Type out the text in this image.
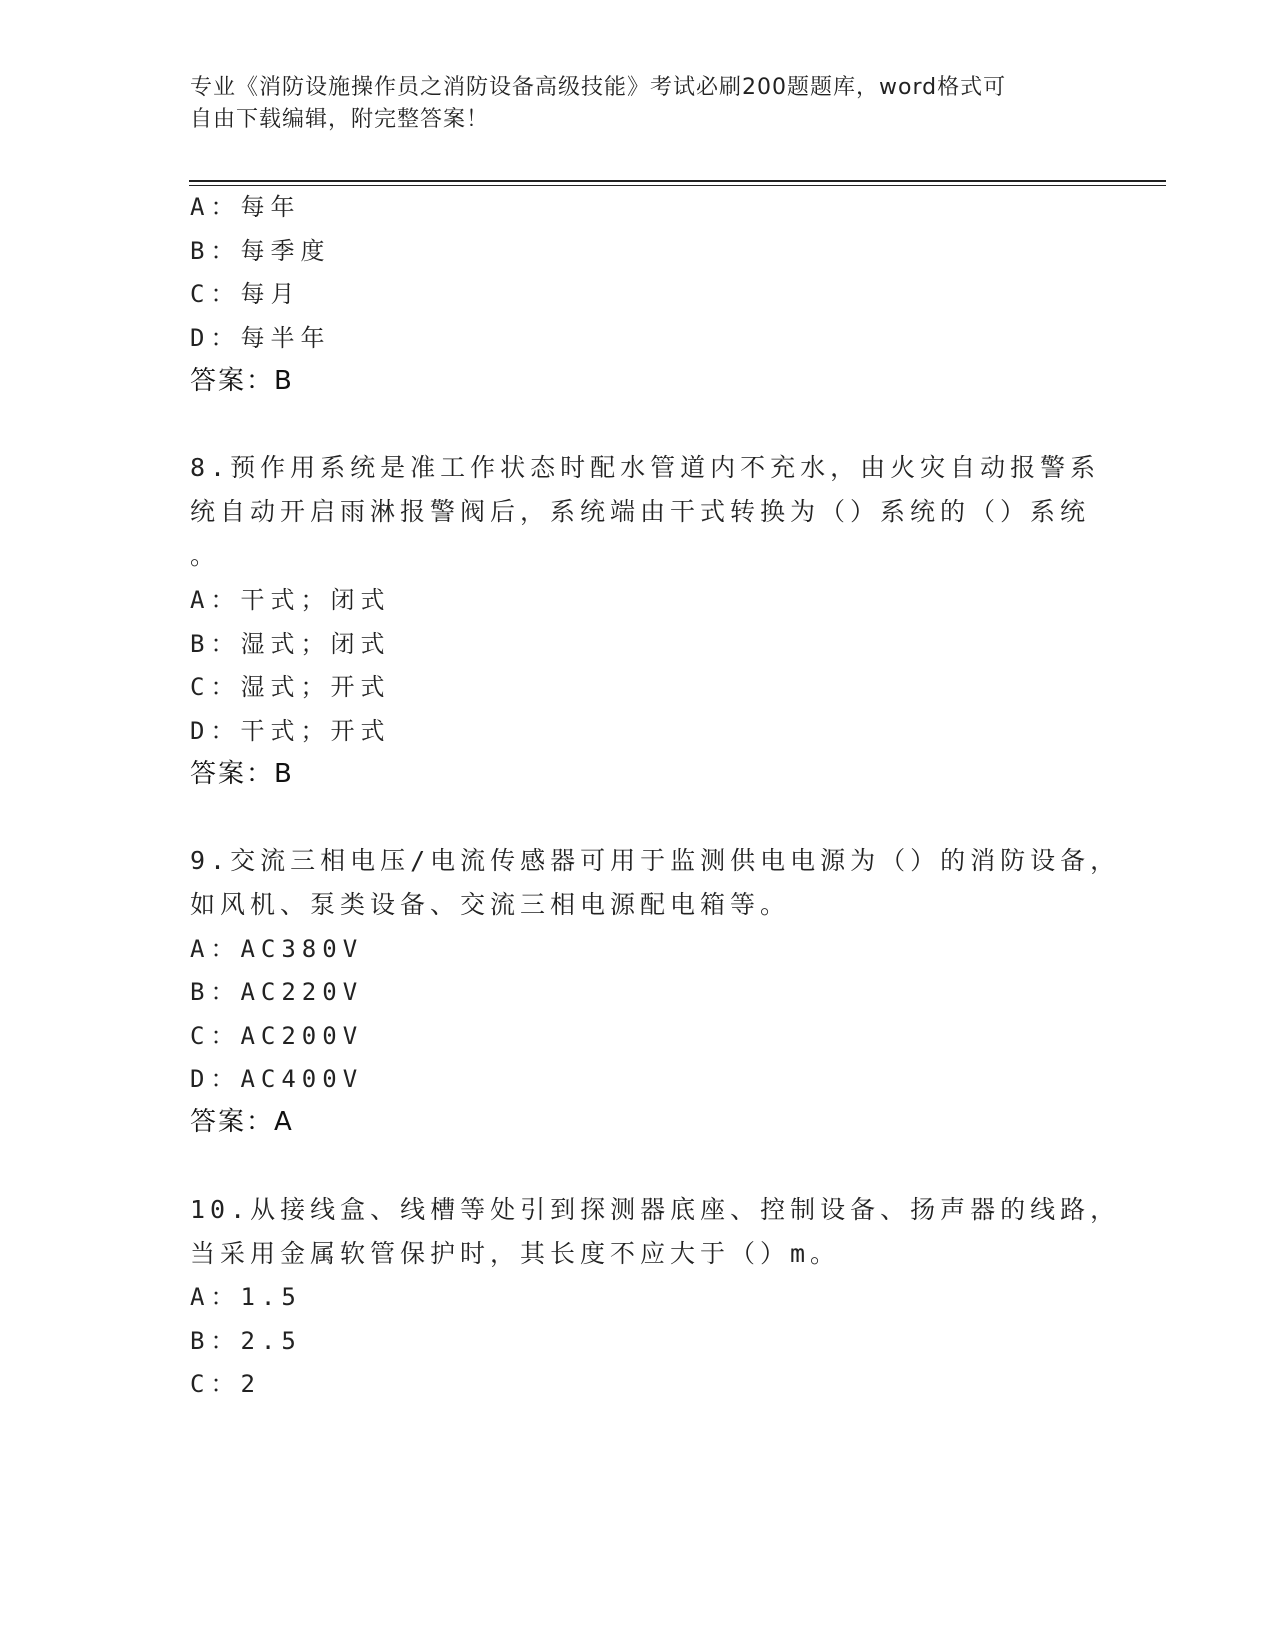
专业《消防设施操作员之消防设备高级技能》考试必刷200题题库，word格式可
自由下载编辑，附完整答案！
A：每年
B：每季度
C：每月
D：每半年
答案：B
8.预作用系统是准工作状态时配水管道内不充水，由火灾自动报警系
统自动开启雨淋报警阀后，系统端由干式转换为（）系统的（）系统
。
A：干式；闭式
B：湿式；闭式
C：湿式；开式
D：干式；开式
答案：B
9.交流三相电压/电流传感器可用于监测供电电源为（）的消防设备，
如风机、泵类设备、交流三相电源配电箱等。
A：AC380V
B：AC220V
C：AC200V
D：AC400V
答案：A
10.从接线盒、线槽等处引到探测器底座、控制设备、扬声器的线路，
当采用金属软管保护时，其长度不应大于（）m。
A：1.5
B：2.5
C：2
